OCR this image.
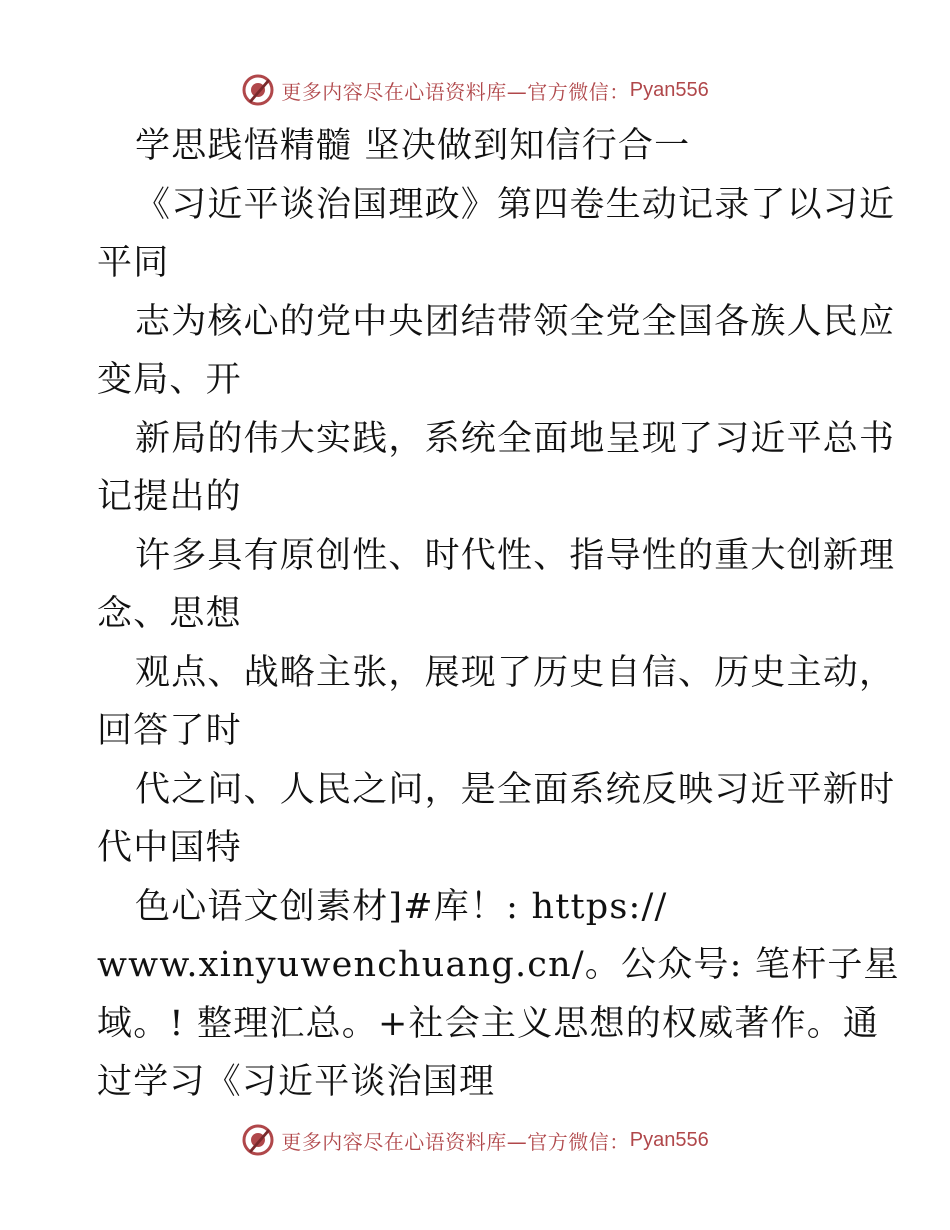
更多内容尽在心语资料库—官方微信： Pyan556
学思践悟精髓 坚决做到知信行合一
《习近平谈治国理政》第四卷生动记录了以习近
平同
志为核心的党中央团结带领全党全国各族人民应
变局、开
新局的伟大实践，系统全面地呈现了习近平总书
记提出的
许多具有原创性、时代性、指导性的重大创新理
念、思想
观点、战略主张，展现了历史自信、历史主动，
回答了时
代之问、人民之问，是全面系统反映习近平新时
代中国特
色心语文创素材]#库！: https://
www.xinyuwenchuang.cn/。公众号: 笔杆子星
域。! 整理汇总。+社会主义思想的权威著作。通
过学习《习近平谈治国理
更多内容尽在心语资料库—官方微信： Pyan556
